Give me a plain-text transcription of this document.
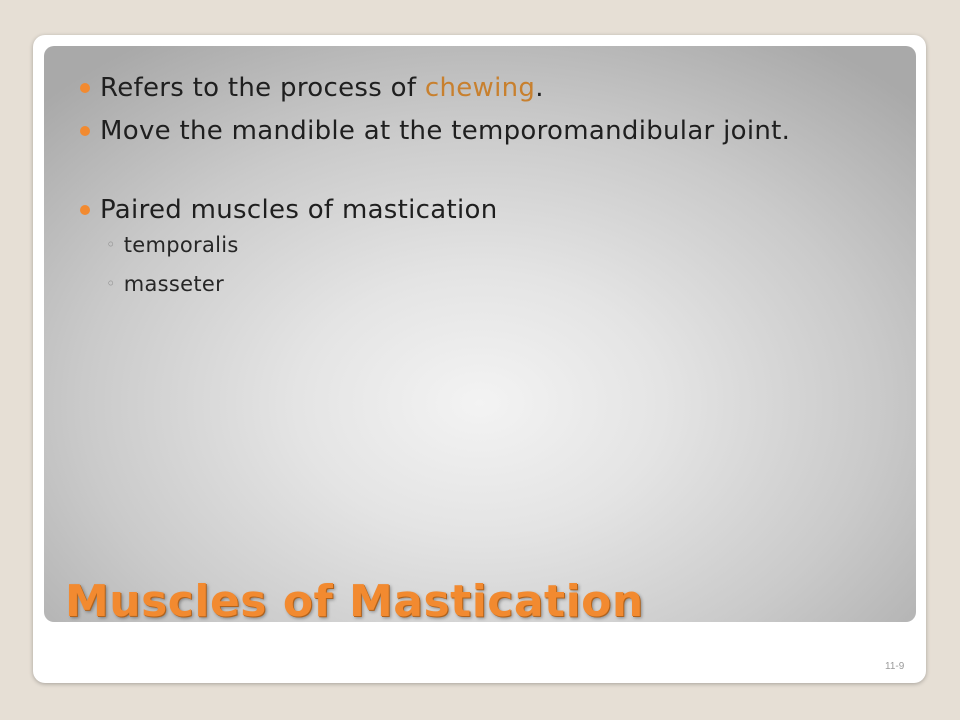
Refers to the process of chewing.
Move the mandible at the temporomandibular joint.
Paired muscles of mastication
◦ temporalis
◦ masseter
Muscles of Mastication
11-9
